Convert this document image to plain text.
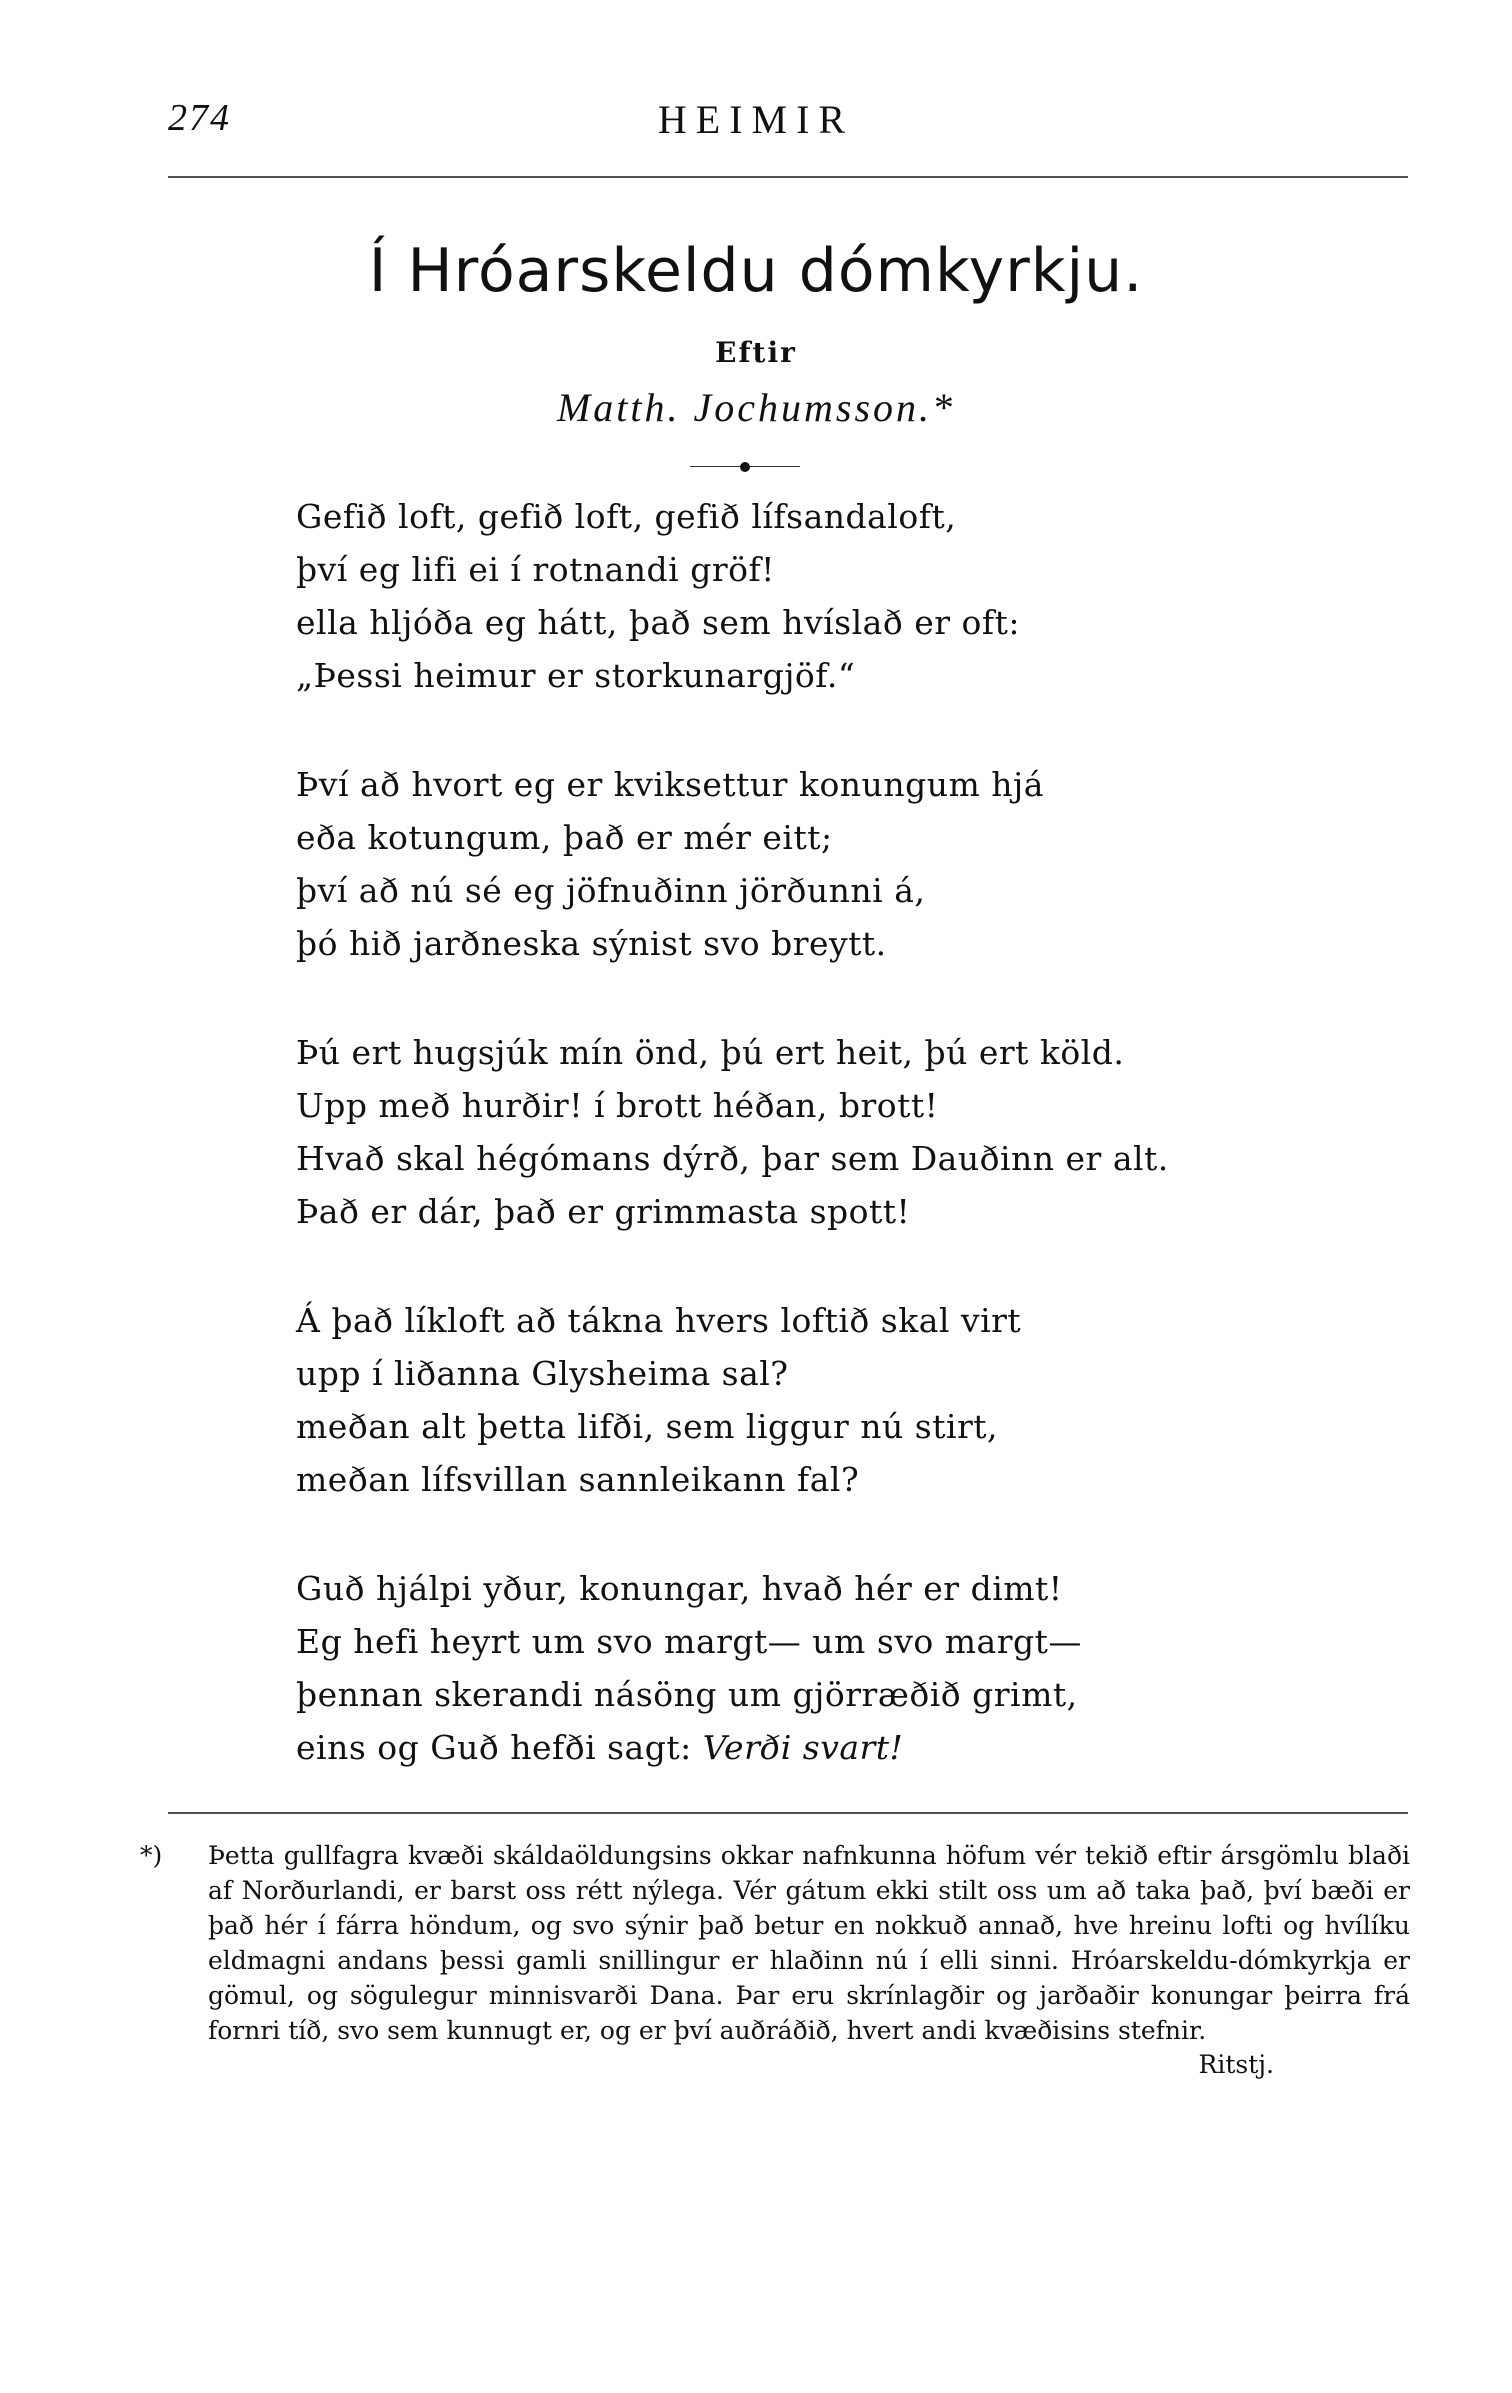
274	HEIMIR
Í Hróarskeldu dómkyrkju.
Eftir
Matth. Jochumsson.*
Gefið loft, gefið loft, gefið lífsandaloft,
því eg lifi ei í rotnandi gröf!
ella hljóða eg hátt, það sem hvíslað er oft:
„Þessi heimur er storkunargjöf.“
Því að hvort eg er kviksettur konungum hjá
eða kotungum, það er mér eitt;
því að nú sé eg jöfnuðinn jörðunni á,
þó hið jarðneska sýnist svo breytt.
Þú ert hugsjúk mín önd, þú ert heit, þú ert köld.
Upp með hurðir! í brott héðan, brott!
Hvað skal hégómans dýrð, þar sem Dauðinn er alt.
Það er dár, það er grimmasta spott!
Á það líkloft að tákna hvers loftið skal virt
upp í liðanna Glysheima sal?
meðan alt þetta lifði, sem liggur nú stirt,
meðan lífsvillan sannleikann fal?
Guð hjálpi yður, konungar, hvað hér er dimt!
Eg hefi heyrt um svo margt— um svo margt—
þennan skerandi násöng um gjörræðið grimt,
eins og Guð hefði sagt: Verði svart!
*) Þetta gullfagra kvæði skáldaöldungsins okkar nafnkunna höfum vér tekið eftir ársgömlu blaði af Norðurlandi, er barst oss rétt nýlega. Vér gátum ekki stilt oss um að taka það, því bæði er það hér í fárra höndum, og svo sýnir það betur en nokkuð annað, hve hreinu lofti og hvílíku eldmagni andans þessi gamli snillingur er hlaðinn nú í elli sinni. Hróarskeldu-dómkyrkja er gömul, og sögulegur minnisvarði Dana. Þar eru skrínlagðir og jarðaðir konungar þeirra frá fornri tíð, svo sem kunnugt er, og er því auðráðið, hvert andi kvæðisins stefnir.
Ritstj.
